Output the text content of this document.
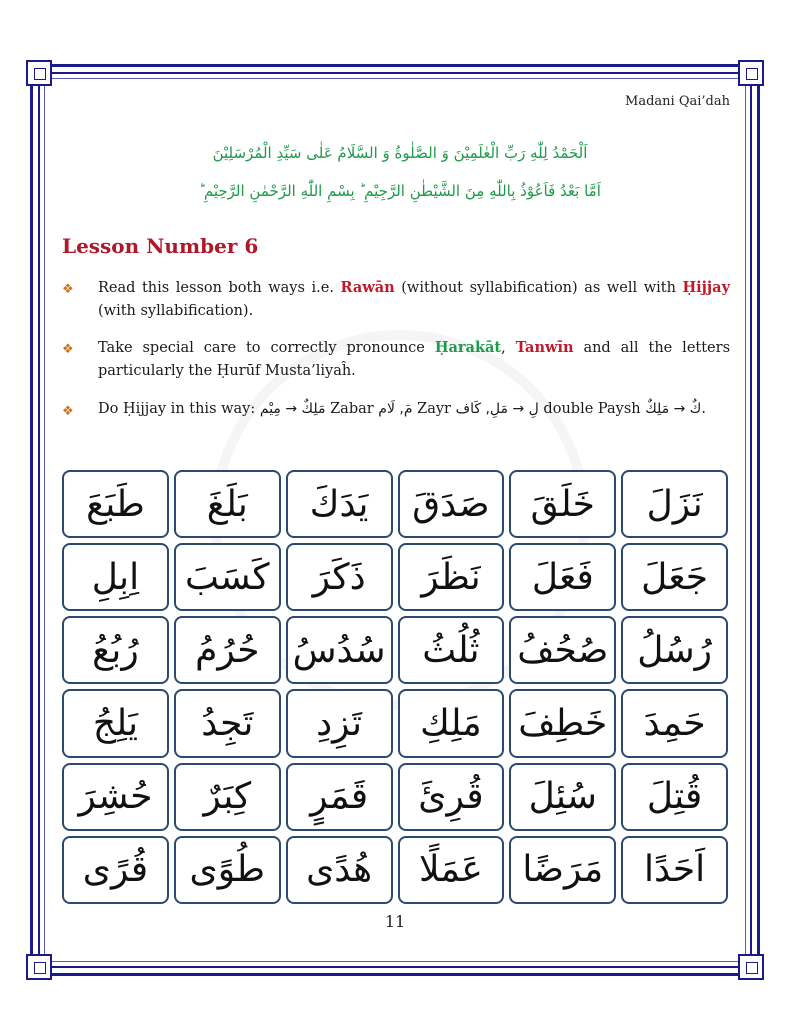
Madani Qai’dah
اَلْحَمْدُ لِلّٰهِ رَبِّ الْعٰلَمِيْنَ وَ الصَّلٰوةُ وَ السَّلَامُ عَلٰى سَيِّدِ الْمُرْسَلِيْنَ
اَمَّا بَعْدُ فَاَعُوْذُ بِاللّٰهِ مِنَ الشَّيْطٰنِ الرَّجِيْمِ ؕ بِسْمِ اللّٰهِ الرَّحْمٰنِ الرَّحِيْمِ ؕ
Lesson Number 6
❖ Read this lesson both ways i.e. Rawān (without syllabification) as well with Ḥijjay (with syllabification).
❖ Take special care to correctly pronounce Ḥarakāt, Tanwīn and all the letters particularly the Ḥurūf Musta’liyaĥ.
❖ Do Ḥijjay in this way: مَلِكٌ → مِیْم Zabar مَ, لَام Zayr لِ → مَلِ, کَاف double Paysh كٌ → مَلِكٌ.
نَزَلَ
خَلَقَ
صَدَقَ
يَدَكَ
بَلَغَ
طَبَعَ
جَعَلَ
فَعَلَ
نَظَرَ
ذَكَرَ
كَسَبَ
اِبِلِ
رُسُلُ
صُحُفُ
ثُلُثُ
سُدُسُ
حُرُمُ
رُبُعُ
حَمِدَ
خَطِفَ
مَلِكِ
تَزِدِ
تَجِدُ
يَلِجُ
قُتِلَ
سُئِلَ
قُرِئَ
قَمَرٍ
كِبَرٌ
حُشِرَ
اَحَدًا
مَرَضًا
عَمَلًا
هُدًى
طُوًى
قُرًى
11
